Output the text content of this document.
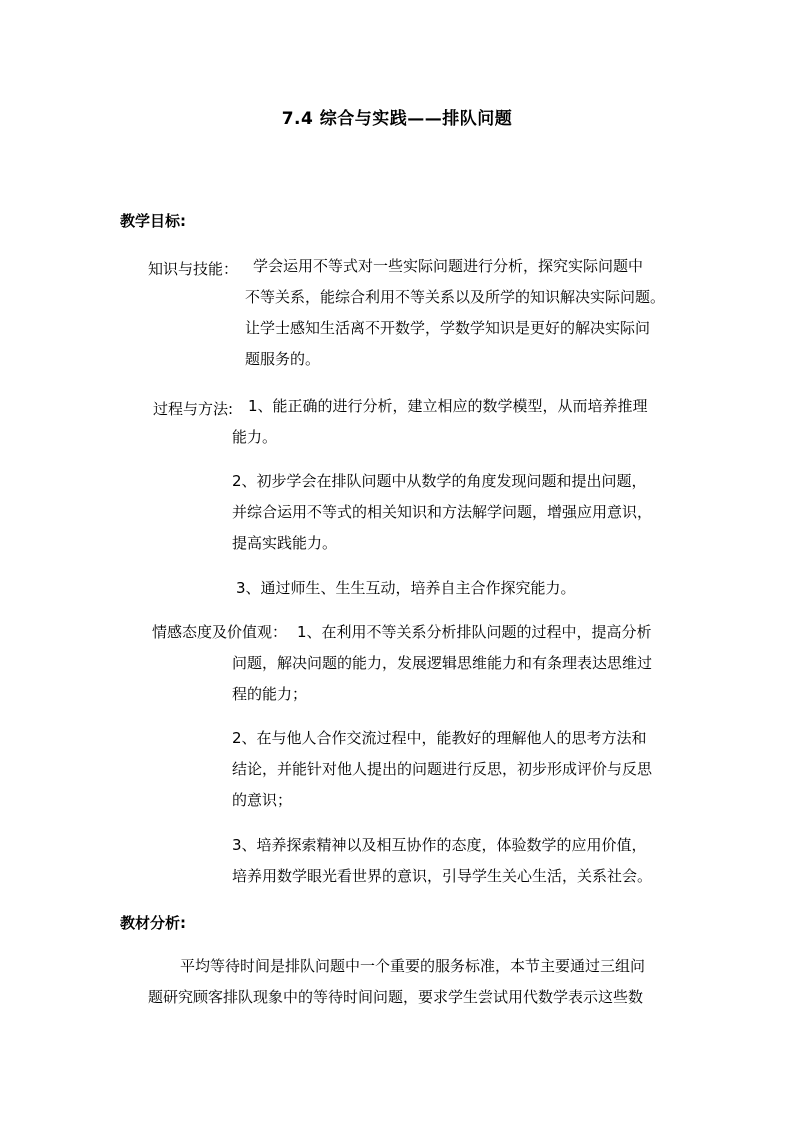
7.4 综合与实践——排队问题
教学目标:
知识与技能： 学会运用不等式对一些实际问题进行分析，探究实际问题中
不等关系，能综合利用不等关系以及所学的知识解决实际问题。
让学士感知生活离不开数学，学数学知识是更好的解决实际问
题服务的。
过程与方法: 1、能正确的进行分析，建立相应的数学模型，从而培养推理
能力。
2、初步学会在排队问题中从数学的角度发现问题和提出问题，
并综合运用不等式的相关知识和方法解学问题，增强应用意识，
提高实践能力。
3、通过师生、生生互动，培养自主合作探究能力。
情感态度及价值观： 1、在利用不等关系分析排队问题的过程中，提高分析
问题，解决问题的能力，发展逻辑思维能力和有条理表达思维过
程的能力；
2、在与他人合作交流过程中，能教好的理解他人的思考方法和
结论，并能针对他人提出的问题进行反思，初步形成评价与反思
的意识；
3、培养探索精神以及相互协作的态度，体验数学的应用价值，
培养用数学眼光看世界的意识，引导学生关心生活，关系社会。
教材分析:
平均等待时间是排队问题中一个重要的服务标准，本节主要通过三组问
题研究顾客排队现象中的等待时间问题，要求学生尝试用代数学表示这些数
